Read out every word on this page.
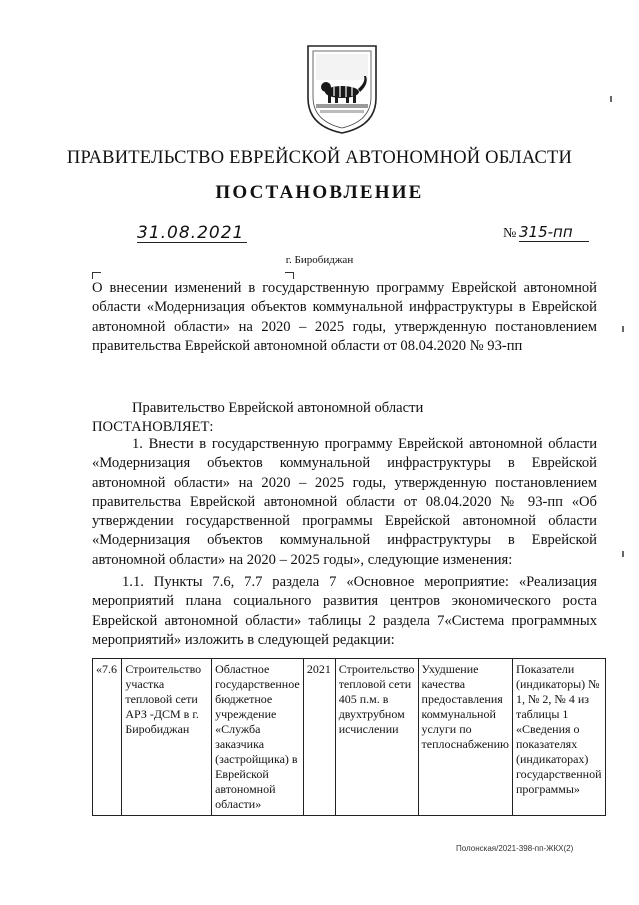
ПРАВИТЕЛЬСТВО ЕВРЕЙСКОЙ АВТОНОМНОЙ ОБЛАСТИ
ПОСТАНОВЛЕНИЕ
31.08.2021	№ 315-пп
г. Биробиджан
О внесении изменений в государственную программу Еврейской автономной области «Модернизация объектов коммунальной инфраструктуры в Еврейской автономной области» на 2020 – 2025 годы, утвержденную постановлением правительства Еврейской автономной области от 08.04.2020 № 93-пп
Правительство Еврейской автономной области
ПОСТАНОВЛЯЕТ:
1. Внести в государственную программу Еврейской автономной области «Модернизация объектов коммунальной инфраструктуры в Еврейской автономной области» на 2020 – 2025 годы, утвержденную постановлением правительства Еврейской автономной области от 08.04.2020 № 93-пп «Об утверждении государственной программы Еврейской автономной области «Модернизация объектов коммунальной инфраструктуры в Еврейской автономной области» на 2020 – 2025 годы», следующие изменения:
1.1. Пункты 7.6, 7.7 раздела 7 «Основное мероприятие: «Реализация мероприятий плана социального развития центров экономического роста Еврейской автономной области» таблицы 2 раздела 7«Система программных мероприятий» изложить в следующей редакции:
«7.6	Строительство участка тепловой сети АРЗ -ДСМ в г. Биробиджан	Областное государственное бюджетное учреждение «Служба заказчика (застройщика) в Еврейской автономной области»	2021	Строительство тепловой сети 405 п.м. в двухтрубном исчислении	Ухудшение качества предоставления коммунальной услуги по теплоснабжению	Показатели (индикаторы) № 1, № 2, № 4 из таблицы 1 «Сведения о показателях (индикаторах) государственной программы»
Полонская/2021-398-пп-ЖКХ(2)
